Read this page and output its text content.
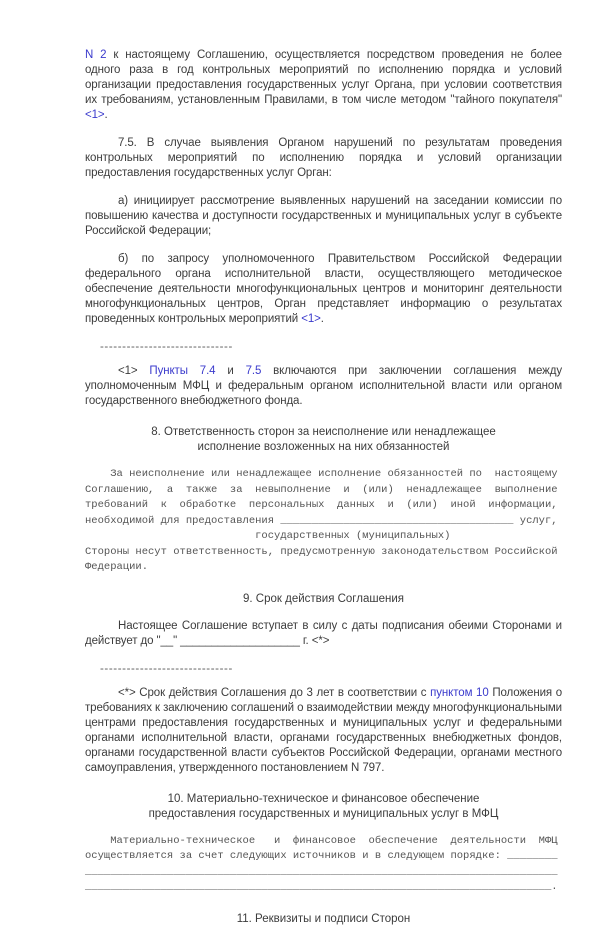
N 2 к настоящему Соглашению, осуществляется посредством проведения не более одного раза в год контрольных мероприятий по исполнению порядка и условий организации предоставления государственных услуг Органа, при условии соответствия их требованиям, установленным Правилами, в том числе методом "тайного покупателя" <1>.

7.5. В случае выявления Органом нарушений по результатам проведения контрольных мероприятий по исполнению порядка и условий организации предоставления государственных услуг Орган:

а) инициирует рассмотрение выявленных нарушений на заседании комиссии по повышению качества и доступности государственных и муниципальных услуг в субъекте Российской Федерации;

б) по запросу уполномоченного Правительством Российской Федерации федерального органа исполнительной власти, осуществляющего методическое обеспечение деятельности многофункциональных центров и мониторинг деятельности многофункциональных центров, Орган представляет информацию о результатах проведенных контрольных мероприятий <1>.

------------------------------

<1> Пункты 7.4 и 7.5 включаются при заключении соглашения между уполномоченным МФЦ и федеральным органом исполнительной власти или органом государственного внебюджетного фонда.

8. Ответственность сторон за неисполнение или ненадлежащее
исполнение возложенных на них обязанностей
За неисполнение или ненадлежащее исполнение обязанностей по  настоящему
Соглашению,  а  также  за  невыполнение  и  (или)  ненадлежащее  выполнение
требований  к  обработке  персональных  данных  и  (или)  иной  информации,
необходимой для предоставления _____________________________________ услуг,
государственных (муниципальных)
Стороны несут ответственность, предусмотренную законодательством Российской
Федерации.
9. Срок действия Соглашения

Настоящее Соглашение вступает в силу с даты подписания обеими Сторонами и действует до "__" ___________________ г. <*>

------------------------------

<*> Срок действия Соглашения до 3 лет в соответствии с пунктом 10 Положения о требованиях к заключению соглашений о взаимодействии между многофункциональными центрами предоставления государственных и муниципальных услуг и федеральными органами исполнительной власти, органами государственных внебюджетных фондов, органами государственной власти субъектов Российской Федерации, органами местного самоуправления, утвержденного постановлением N 797.

10. Материально-техническое и финансовое обеспечение
предоставления государственных и муниципальных услуг в МФЦ
Материально-техническое   и  финансовое  обеспечение  деятельности  МФЦ
осуществляется за счет следующих источников и в следующем порядке: ________
___________________________________________________________________________
__________________________________________________________________________.
11. Реквизиты и подписи Сторон
